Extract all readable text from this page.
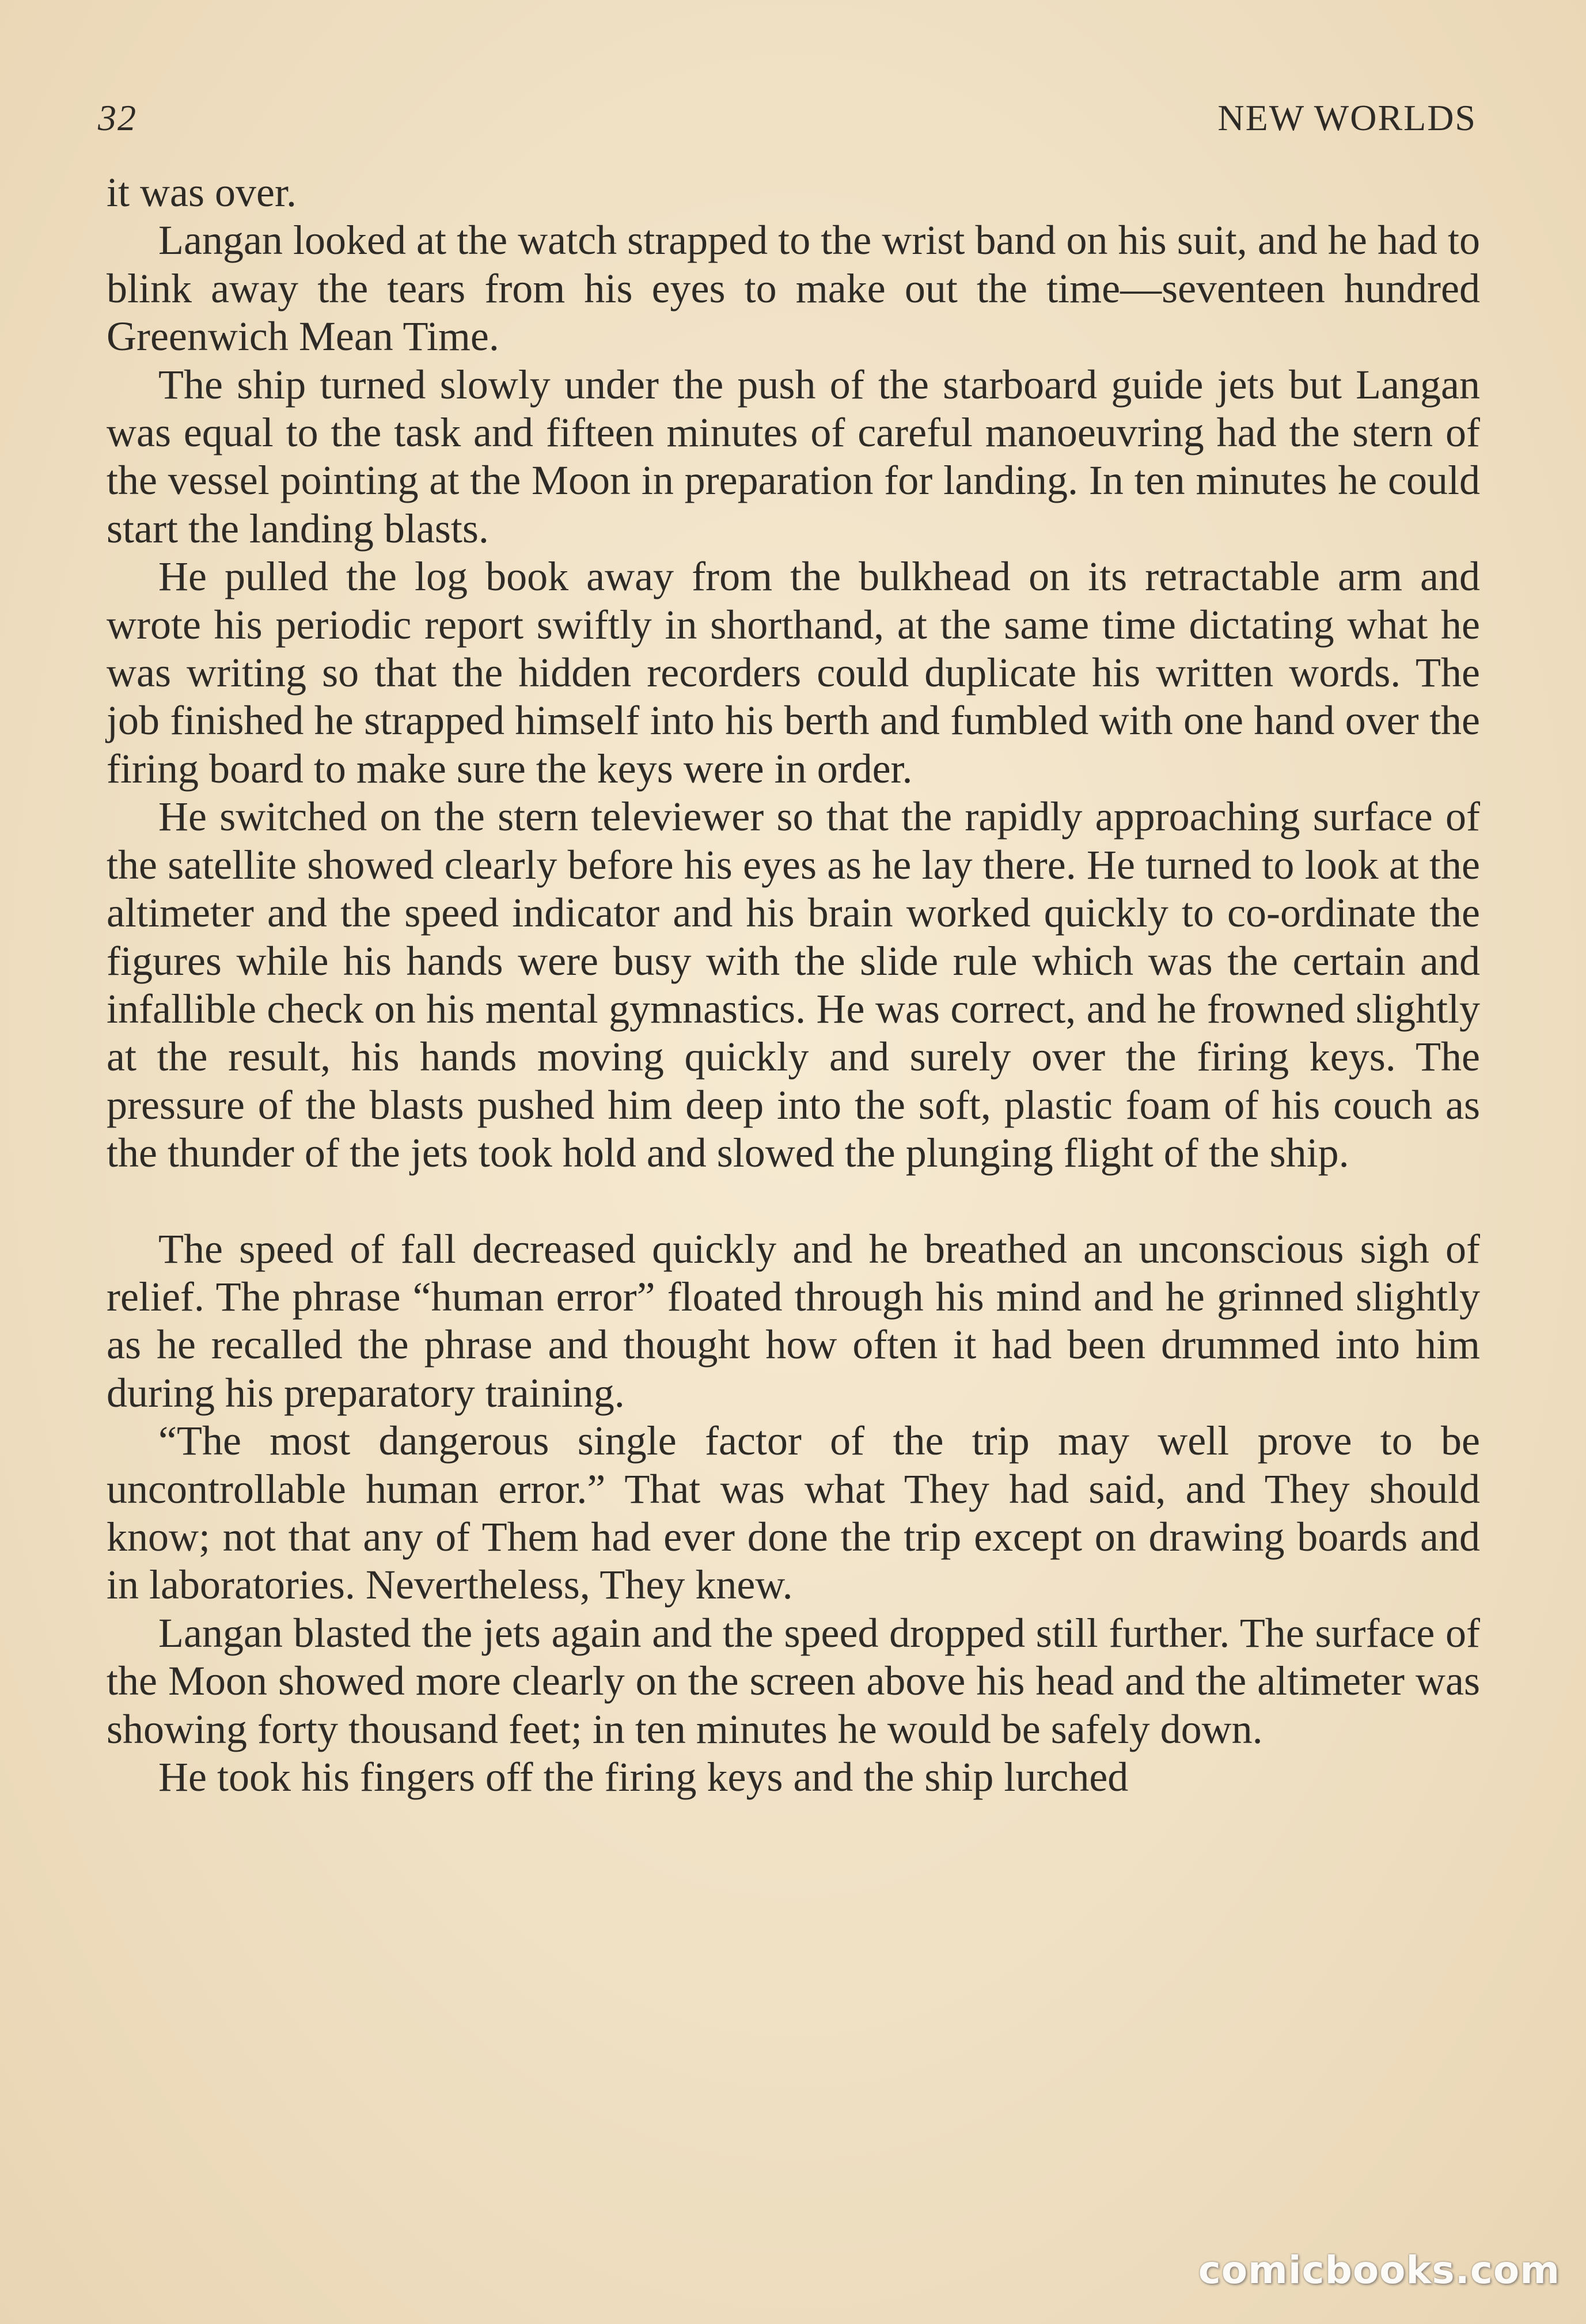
32	NEW WORLDS

it was over.

Langan looked at the watch strapped to the wrist band on his suit, and he had to blink away the tears from his eyes to make out the time—seventeen hundred Greenwich Mean Time.

The ship turned slowly under the push of the starboard guide jets but Langan was equal to the task and fifteen minutes of careful manoeuvring had the stern of the vessel pointing at the Moon in preparation for landing. In ten minutes he could start the landing blasts.

He pulled the log book away from the bulkhead on its retractable arm and wrote his periodic report swiftly in shorthand, at the same time dictating what he was writing so that the hidden recorders could duplicate his written words. The job finished he strapped himself into his berth and fumbled with one hand over the firing board to make sure the keys were in order.

He switched on the stern televiewer so that the rapidly approaching surface of the satellite showed clearly before his eyes as he lay there. He turned to look at the altimeter and the speed indicator and his brain worked quickly to co-ordinate the figures while his hands were busy with the slide rule which was the certain and infallible check on his mental gymnastics. He was correct, and he frowned slightly at the result, his hands moving quickly and surely over the firing keys. The pressure of the blasts pushed him deep into the soft, plastic foam of his couch as the thunder of the jets took hold and slowed the plunging flight of the ship.

The speed of fall decreased quickly and he breathed an unconscious sigh of relief. The phrase “human error” floated through his mind and he grinned slightly as he recalled the phrase and thought how often it had been drummed into him during his preparatory training.

“The most dangerous single factor of the trip may well prove to be uncontrollable human error.” That was what They had said, and They should know; not that any of Them had ever done the trip except on drawing boards and in laboratories. Nevertheless, They knew.

Langan blasted the jets again and the speed dropped still further. The surface of the Moon showed more clearly on the screen above his head and the altimeter was showing forty thousand feet; in ten minutes he would be safely down.

He took his fingers off the firing keys and the ship lurched

comicbooks.com
